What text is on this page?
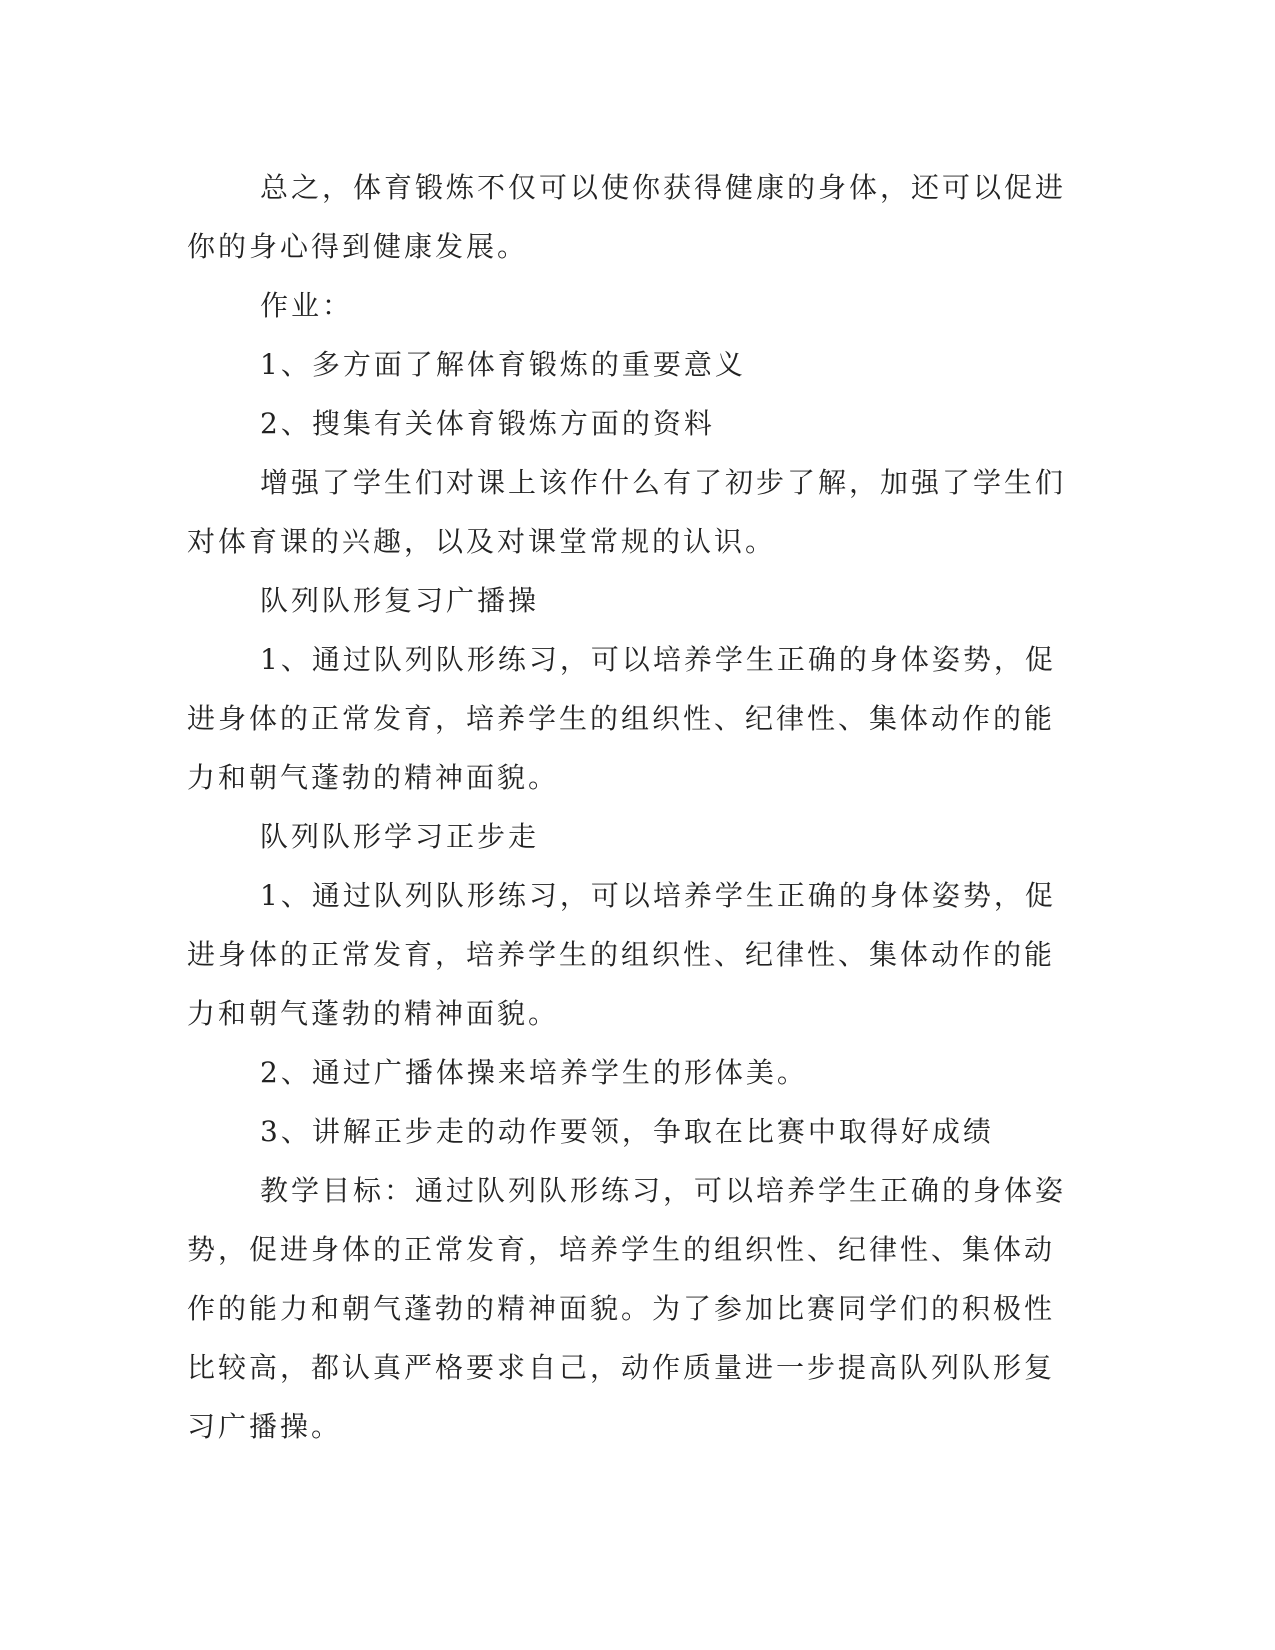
总之，体育锻炼不仅可以使你获得健康的身体，还可以促进你的身心得到健康发展。

作业：

1、多方面了解体育锻炼的重要意义

2、搜集有关体育锻炼方面的资料

增强了学生们对课上该作什么有了初步了解，加强了学生们对体育课的兴趣，以及对课堂常规的认识。

队列队形复习广播操

1、通过队列队形练习，可以培养学生正确的身体姿势，促进身体的正常发育，培养学生的组织性、纪律性、集体动作的能力和朝气蓬勃的精神面貌。

队列队形学习正步走

1、通过队列队形练习，可以培养学生正确的身体姿势，促进身体的正常发育，培养学生的组织性、纪律性、集体动作的能力和朝气蓬勃的精神面貌。

2、通过广播体操来培养学生的形体美。

3、讲解正步走的动作要领，争取在比赛中取得好成绩

教学目标：通过队列队形练习，可以培养学生正确的身体姿势，促进身体的正常发育，培养学生的组织性、纪律性、集体动作的能力和朝气蓬勃的精神面貌。为了参加比赛同学们的积极性比较高，都认真严格要求自己，动作质量进一步提高队列队形复习广播操。
